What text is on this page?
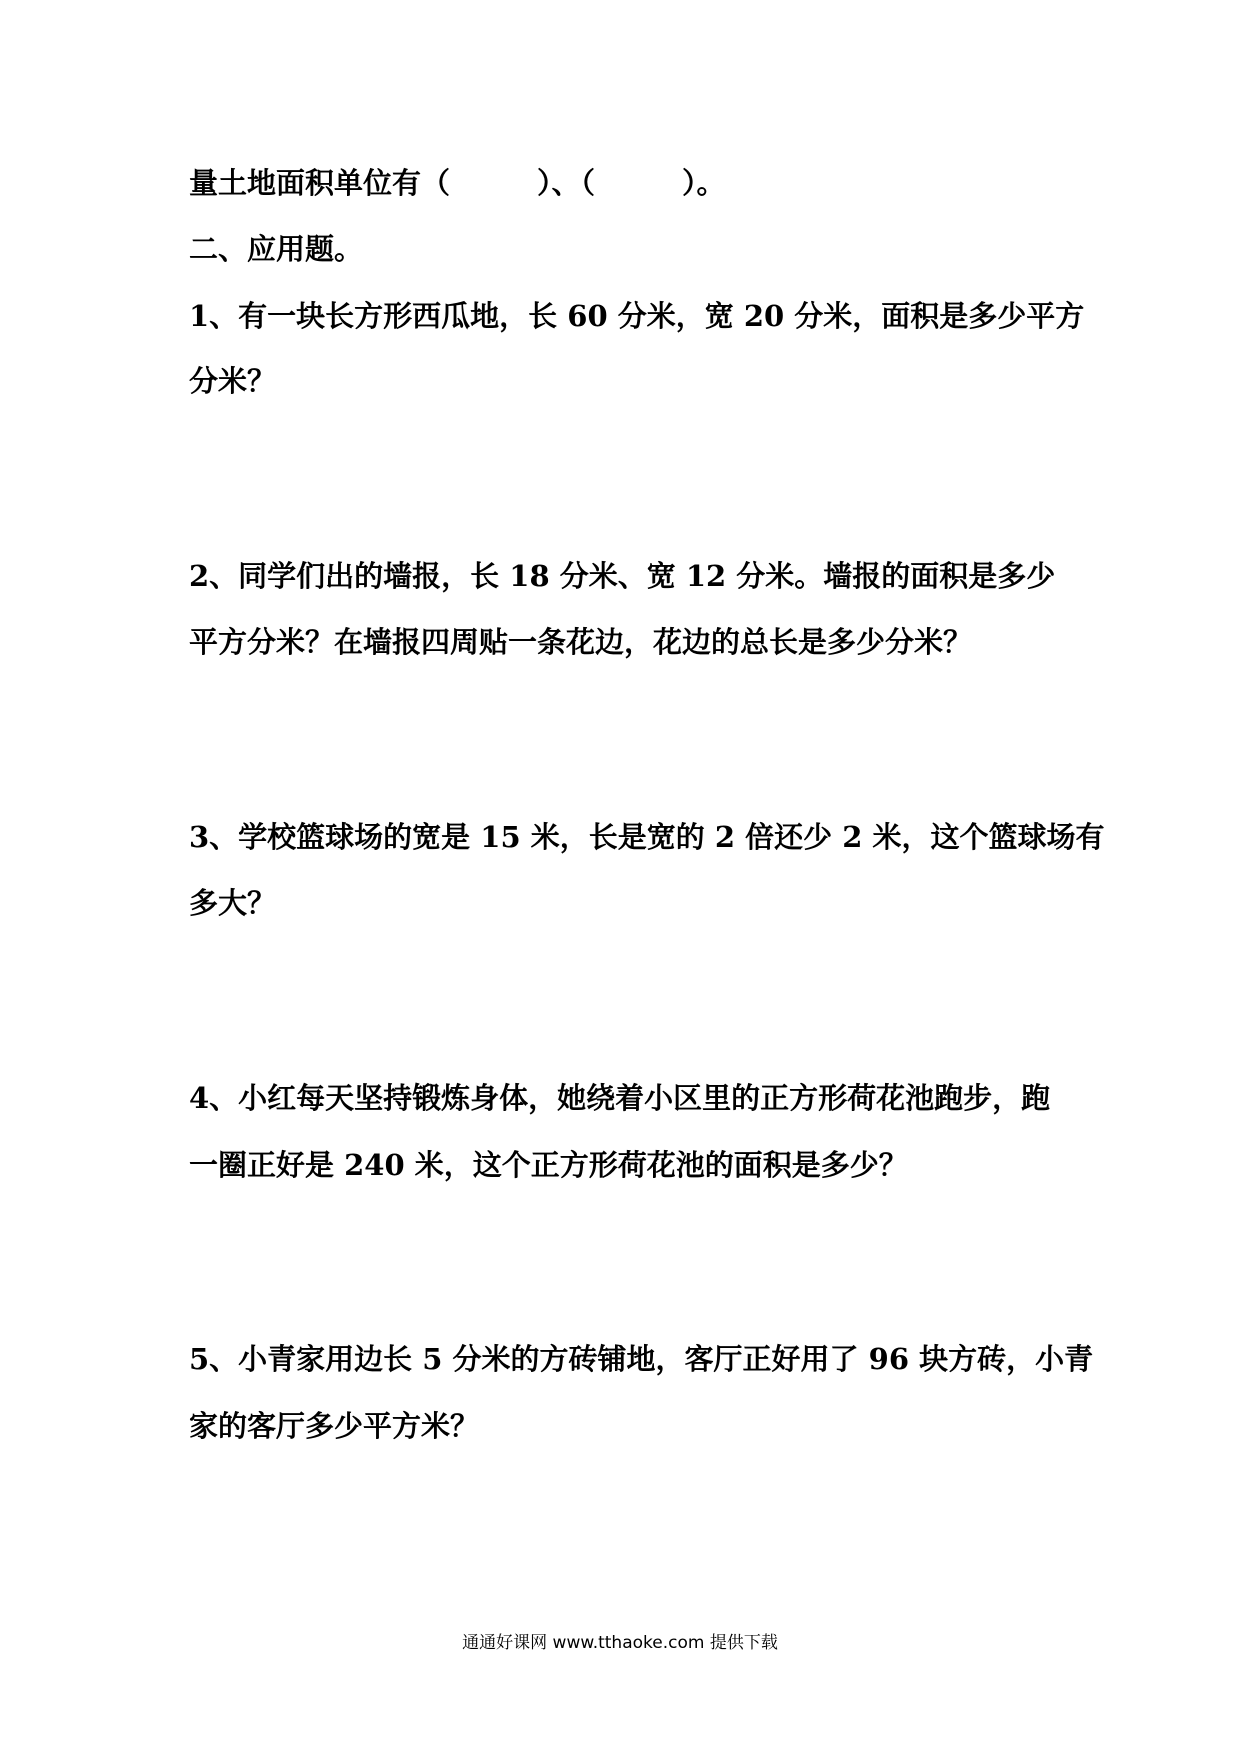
量土地面积单位有（　　　）、（　　　）。

二、应用题。

1、有一块长方形西瓜地，长 60 分米，宽 20 分米，面积是多少平方

分米？

2、同学们出的墙报，长 18 分米、宽 12 分米。墙报的面积是多少

平方分米？在墙报四周贴一条花边，花边的总长是多少分米？

3、学校篮球场的宽是 15 米，长是宽的 2 倍还少 2 米，这个篮球场有

多大？

4、小红每天坚持锻炼身体，她绕着小区里的正方形荷花池跑步，跑

一圈正好是 240 米，这个正方形荷花池的面积是多少？

5、小青家用边长 5 分米的方砖铺地，客厅正好用了 96 块方砖，小青

家的客厅多少平方米？

通通好课网 www.tthaoke.com 提供下载
